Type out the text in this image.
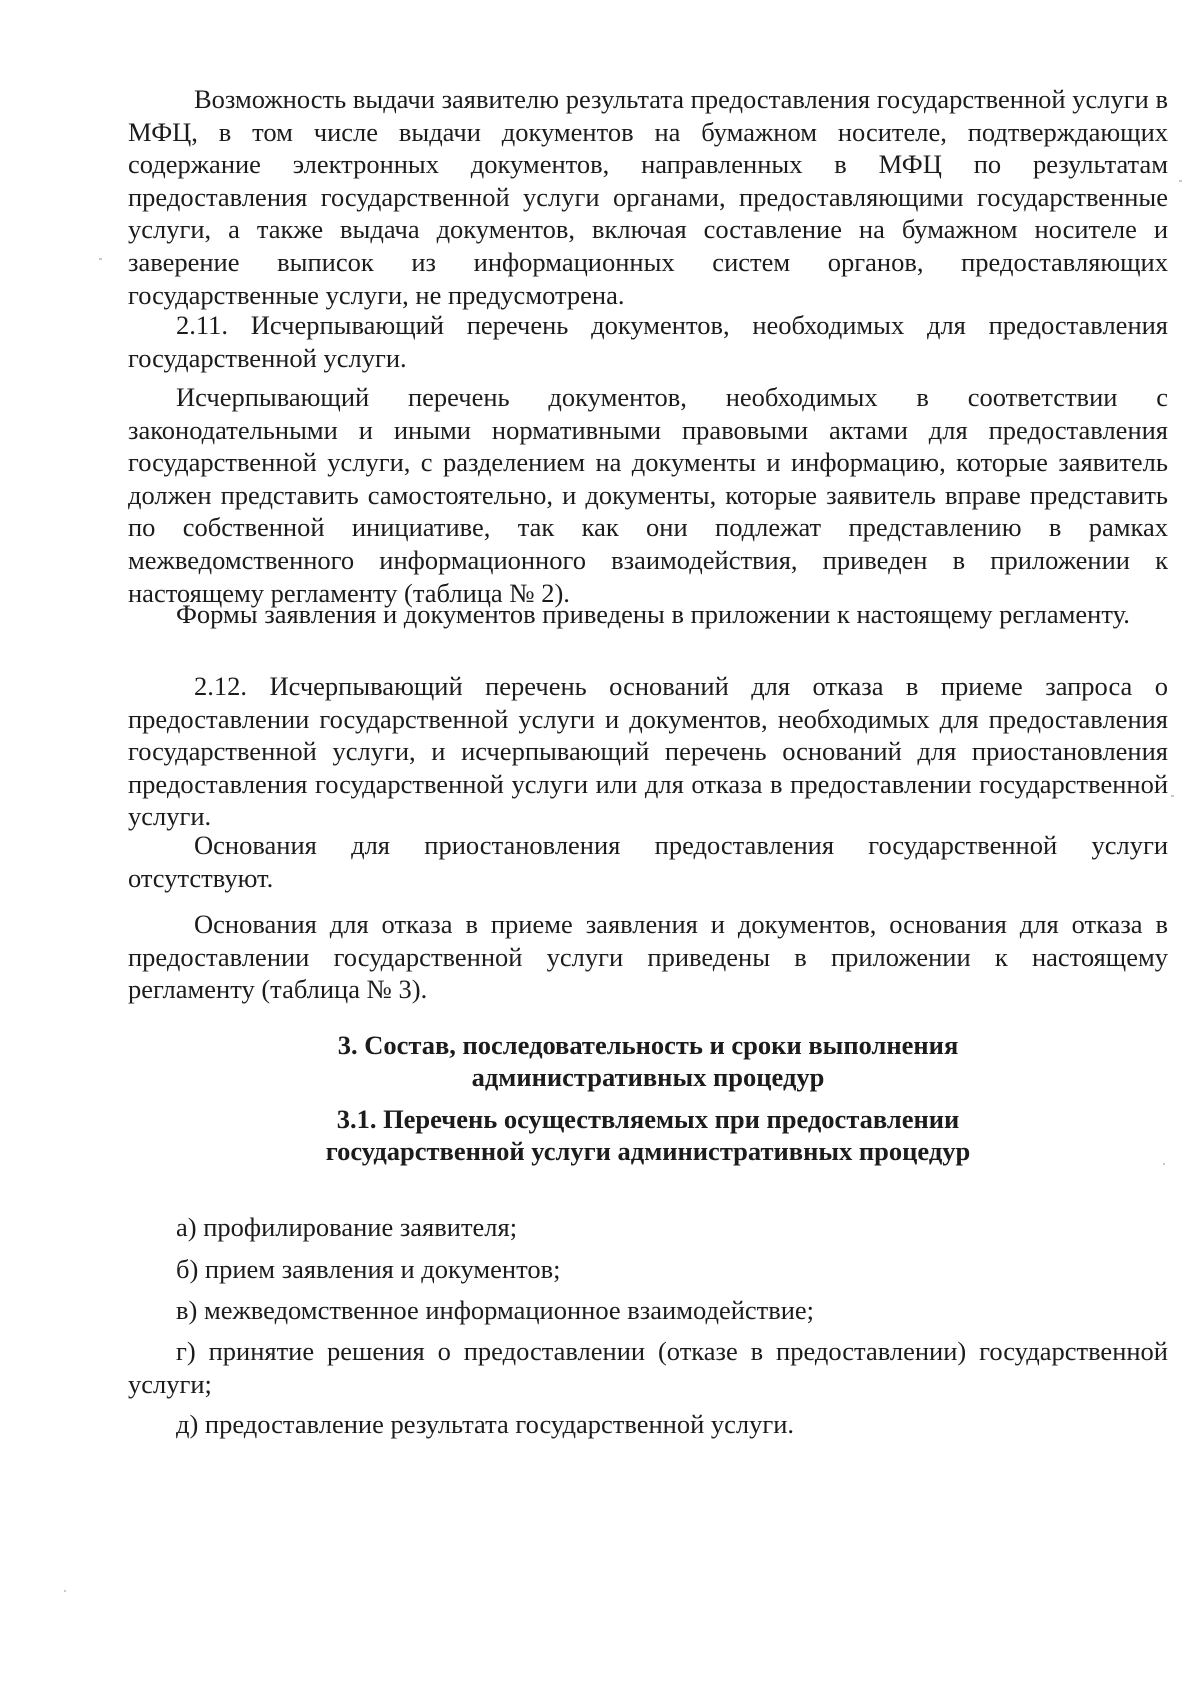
Возможность выдачи заявителю результата предоставления государственной услуги в МФЦ, в том числе выдачи документов на бумажном носителе, подтверждающих содержание электронных документов, направленных в МФЦ по результатам предоставления государственной услуги органами, предоставляющими государственные услуги, а также выдача документов, включая составление на бумажном носителе и заверение выписок из информационных систем органов, предоставляющих государственные услуги, не предусмотрена.

2.11. Исчерпывающий перечень документов, необходимых для предоставления государственной услуги.

Исчерпывающий перечень документов, необходимых в соответствии с законодательными и иными нормативными правовыми актами для предоставления государственной услуги, с разделением на документы и информацию, которые заявитель должен представить самостоятельно, и документы, которые заявитель вправе представить по собственной инициативе, так как они подлежат представлению в рамках межведомственного информационного взаимодействия, приведен в приложении к настоящему регламенту (таблица № 2).

Формы заявления и документов приведены в приложении к настоящему регламенту.

2.12. Исчерпывающий перечень оснований для отказа в приеме запроса о предоставлении государственной услуги и документов, необходимых для предоставления государственной услуги, и исчерпывающий перечень оснований для приостановления предоставления государственной услуги или для отказа в предоставлении государственной услуги.

Основания для приостановления предоставления государственной услуги отсутствуют.

Основания для отказа в приеме заявления и документов, основания для отказа в предоставлении государственной услуги приведены в приложении к настоящему регламенту (таблица № 3).

3. Состав, последовательность и сроки выполнения
административных процедур
3.1. Перечень осуществляемых при предоставлении
государственной услуги административных процедур

а) профилирование заявителя;

б) прием заявления и документов;

в) межведомственное информационное взаимодействие;

г) принятие решения о предоставлении (отказе в предоставлении) государственной услуги;

д) предоставление результата государственной услуги.
